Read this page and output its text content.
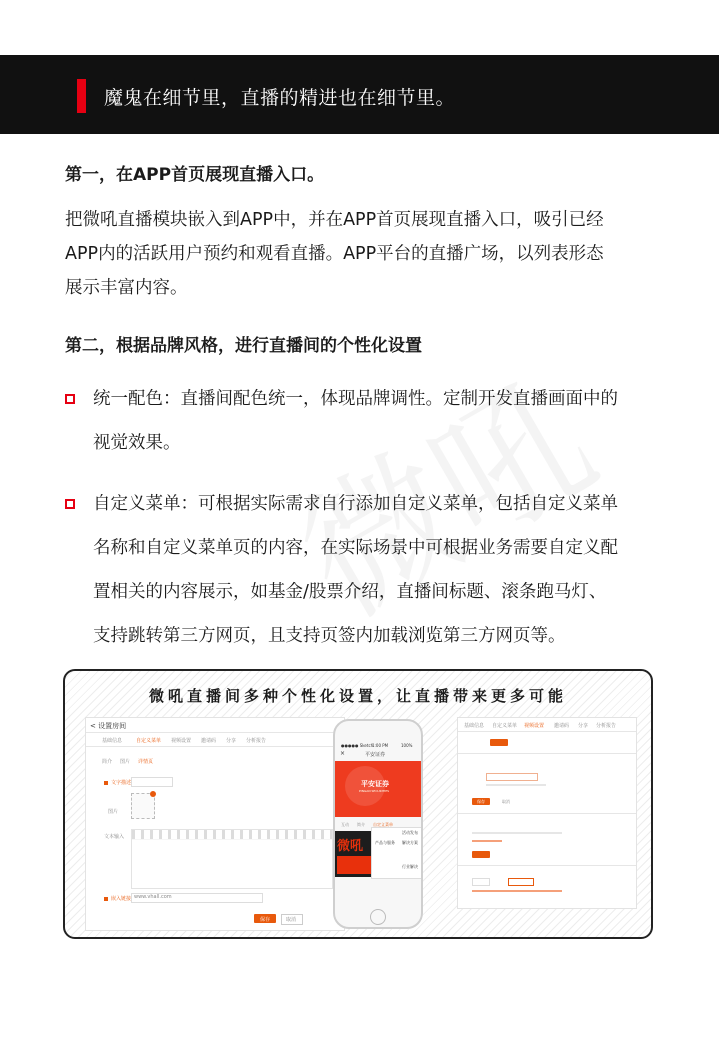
魔鬼在细节里，直播的精进也在细节里。
第一，在APP首页展现直播入口。
把微吼直播模块嵌入到APP中，并在APP首页展现直播入口，吸引已经
APP内的活跃用户预约和观看直播。APP平台的直播广场，以列表形态
展示丰富内容。
第二，根据品牌风格，进行直播间的个性化设置
统一配色：直播间配色统一，体现品牌调性。定制开发直播画面中的
视觉效果。
自定义菜单：可根据实际需求自行添加自定义菜单，包括自定义菜单
名称和自定义菜单页的内容，在实际场景中可根据业务需要自定义配
置相关的内容展示，如基金/股票介绍，直播间标题、滚条跑马灯、
支持跳转第三方网页，且支持页签内加载浏览第三方网页等。
微吼直播间多种个性化设置，让直播带来更多可能
< 设置房间
基础信息	自定义菜单 视频设置 邀请码 分享 分析报告
简介 图片 详情页
文字描述
图片
文本输入
嵌入链接 www.vhall.com
保存	取消
●●●●● Sketch
1:00 PM	100%
×	平安证券
平安证券
PINGAN SECURITIES
互动 简介 自定义菜单
微吼
活动发布
产品与服务 解决方案
行业解决
基础信息 自定义菜单 视频设置 邀请码 分享 分析报告
保存	取消
